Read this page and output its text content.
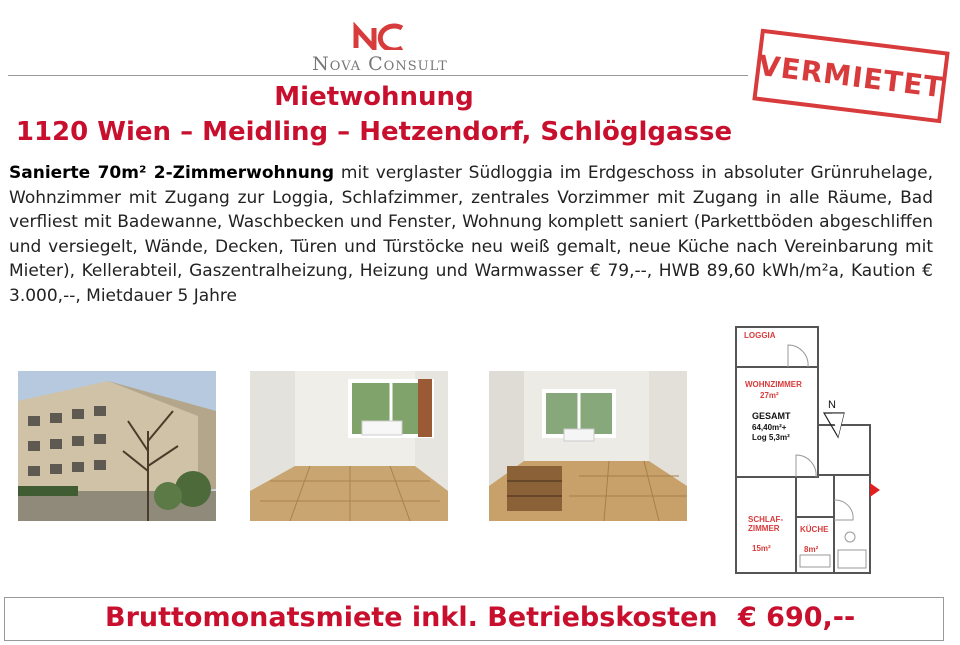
Nova Consult	VERMIETET
Mietwohnung
1120 Wien – Meidling – Hetzendorf, Schlöglgasse
Sanierte 70m² 2-Zimmerwohnung mit verglaster Südloggia im Erdgeschoss in absoluter Grünruhelage, Wohnzimmer mit Zugang zur Loggia, Schlafzimmer, zentrales Vorzimmer mit Zugang in alle Räume, Bad verfliest mit Badewanne, Waschbecken und Fenster, Wohnung komplett saniert (Parkettböden abgeschliffen und versiegelt, Wände, Decken, Türen und Türstöcke neu weiß gemalt, neue Küche nach Vereinbarung mit Mieter), Kellerabteil, Gaszentralheizung, Heizung und Warmwasser € 79,--, HWB 89,60 kWh/m²a, Kaution € 3.000,--, Mietdauer 5 Jahre
LOGGIA
WOHNZIMMER
27m²
SCHLAF-
ZIMMER
15m²
KÜCHE
8m²
GESAMT
64,40m²+
Log 5,3m²
N
Bruttomonatsmiete inkl. Betriebskosten € 690,--
